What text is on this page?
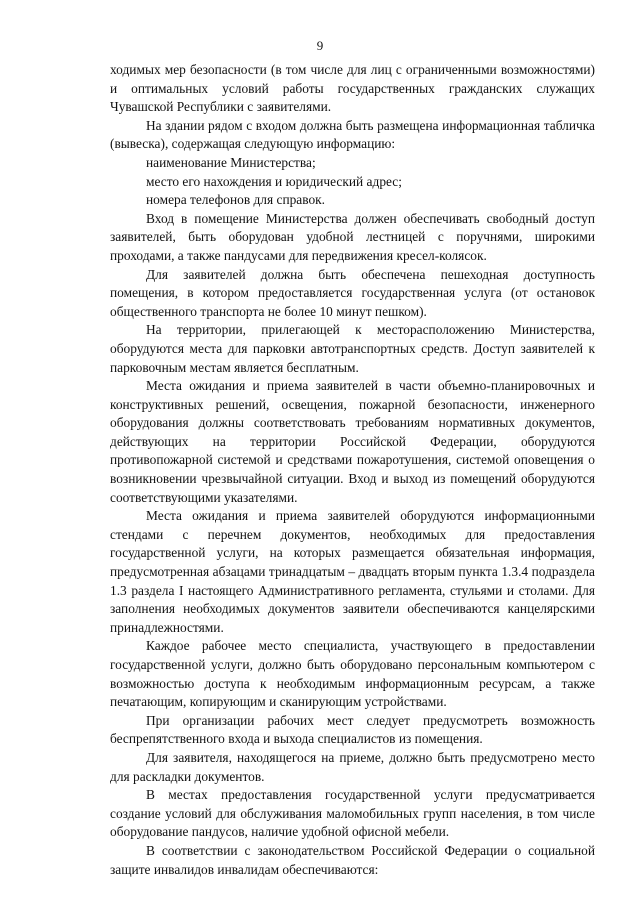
9

ходимых мер безопасности (в том числе для лиц с ограниченными возможностями) и оптимальных условий работы государственных гражданских служащих Чувашской Республики с заявителями.

На здании рядом с входом должна быть размещена информационная табличка (вывеска), содержащая следующую информацию:

наименование Министерства;

место его нахождения и юридический адрес;

номера телефонов для справок.

Вход в помещение Министерства должен обеспечивать свободный доступ заявителей, быть оборудован удобной лестницей с поручнями, широкими проходами, а также пандусами для передвижения кресел-колясок.

Для заявителей должна быть обеспечена пешеходная доступность помещения, в котором предоставляется государственная услуга (от остановок общественного транспорта не более 10 минут пешком).

На территории, прилегающей к месторасположению Министерства, оборудуются места для парковки автотранспортных средств. Доступ заявителей к парковочным местам является бесплатным.

Места ожидания и приема заявителей в части объемно-планировочных и конструктивных решений, освещения, пожарной безопасности, инженерного оборудования должны соответствовать требованиям нормативных документов, действующих на территории Российской Федерации, оборудуются противопожарной системой и средствами пожаротушения, системой оповещения о возникновении чрезвычайной ситуации. Вход и выход из помещений оборудуются соответствующими указателями.

Места ожидания и приема заявителей оборудуются информационными стендами с перечнем документов, необходимых для предоставления государственной услуги, на которых размещается обязательная информация, предусмотренная абзацами тринадцатым – двадцать вторым пункта 1.3.4 подраздела 1.3 раздела I настоящего Административного регламента, стульями и столами. Для заполнения необходимых документов заявители обеспечиваются канцелярскими принадлежностями.

Каждое рабочее место специалиста, участвующего в предоставлении государственной услуги, должно быть оборудовано персональным компьютером с возможностью доступа к необходимым информационным ресурсам, а также печатающим, копирующим и сканирующим устройствами.

При организации рабочих мест следует предусмотреть возможность беспрепятственного входа и выхода специалистов из помещения.

Для заявителя, находящегося на приеме, должно быть предусмотрено место для раскладки документов.

В местах предоставления государственной услуги предусматривается создание условий для обслуживания маломобильных групп населения, в том числе оборудование пандусов, наличие удобной офисной мебели.

В соответствии с законодательством Российской Федерации о социальной защите инвалидов инвалидам обеспечиваются:
